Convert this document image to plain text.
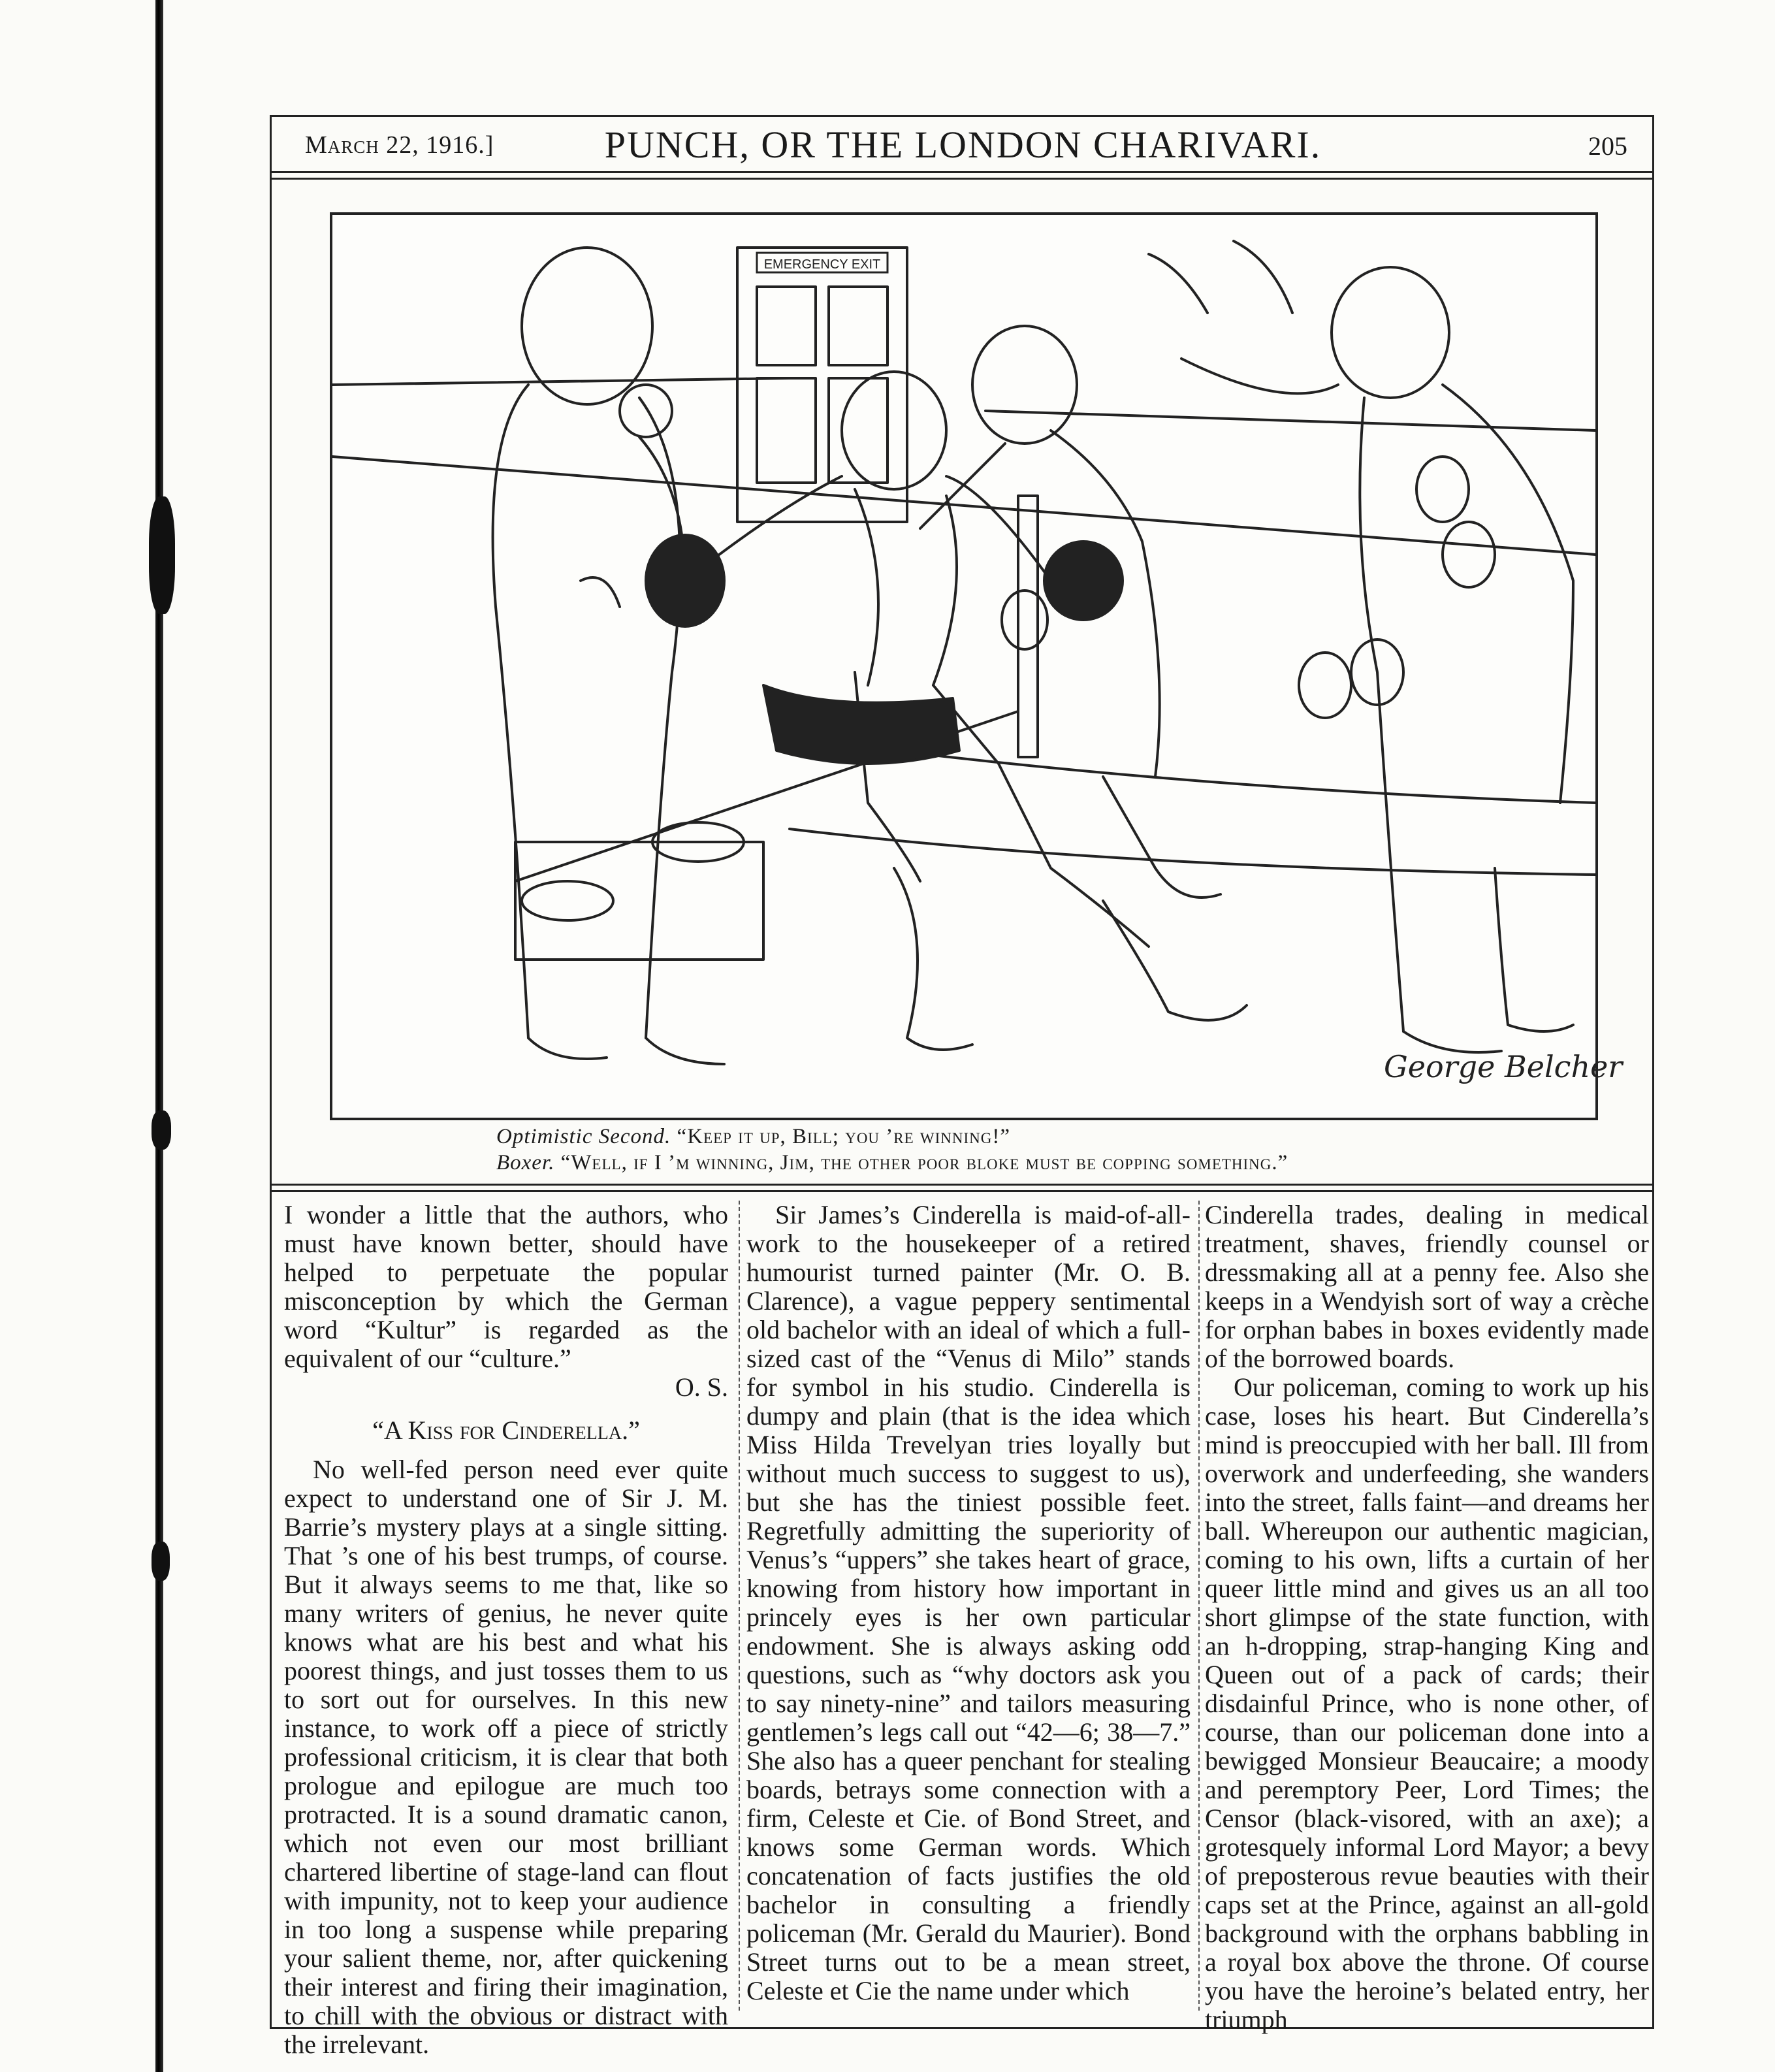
March 22, 1916.]	PUNCH, OR THE LONDON CHARIVARI.	205
EMERGENCY EXIT
George Belcher
Optimistic Second. “Keep it up, Bill; you ’re winning!”
Boxer. “Well, if I ’m winning, Jim, the other poor bloke must be copping something.”

I wonder a little that the authors, who must have known better, should have helped to perpetuate the popular misconception by which the German word “Kultur” is regarded as the equivalent of our “culture.”

O. S.

“A Kiss for Cinderella.”

No well-fed person need ever quite expect to understand one of Sir J. M. Barrie’s mystery plays at a single sitting. That ’s one of his best trumps, of course. But it always seems to me that, like so many writers of genius, he never quite knows what are his best and what his poorest things, and just tosses them to us to sort out for ourselves. In this new instance, to work off a piece of strictly professional criticism, it is clear that both prologue and epilogue are much too protracted. It is a sound dramatic canon, which not even our most brilliant chartered libertine of stage-land can flout with impunity, not to keep your audience in too long a suspense while preparing your salient theme, nor, after quickening their interest and firing their imagination, to chill with the obvious or distract with the irrelevant.

Sir James’s Cinderella is maid-of-all-work to the housekeeper of a retired humourist turned painter (Mr. O. B. Clarence), a vague peppery sentimental old bachelor with an ideal of which a full-sized cast of the “Venus di Milo” stands for symbol in his studio. Cinderella is dumpy and plain (that is the idea which Miss Hilda Trevelyan tries loyally but without much success to suggest to us), but she has the tiniest possible feet. Regretfully admitting the superiority of Venus’s “uppers” she takes heart of grace, knowing from history how important in princely eyes is her own particular endowment. She is always asking odd questions, such as “why doctors ask you to say ninety-nine” and tailors measuring gentlemen’s legs call out “42—6; 38—7.” She also has a queer penchant for stealing boards, betrays some connection with a firm, Celeste et Cie. of Bond Street, and knows some German words. Which concatenation of facts justifies the old bachelor in consulting a friendly policeman (Mr. Gerald du Maurier). Bond Street turns out to be a mean street, Celeste et Cie the name under which

Cinderella trades, dealing in medical treatment, shaves, friendly counsel or dressmaking all at a penny fee. Also she keeps in a Wendyish sort of way a crèche for orphan babes in boxes evidently made of the borrowed boards.

Our policeman, coming to work up his case, loses his heart. But Cinderella’s mind is preoccupied with her ball. Ill from overwork and underfeeding, she wanders into the street, falls faint—and dreams her ball. Whereupon our authentic magician, coming to his own, lifts a curtain of her queer little mind and gives us an all too short glimpse of the state function, with an h-dropping, strap-hanging King and Queen out of a pack of cards; their disdainful Prince, who is none other, of course, than our policeman done into a bewigged Monsieur Beaucaire; a moody and peremptory Peer, Lord Times; the Censor (black-visored, with an axe); a grotesquely informal Lord Mayor; a bevy of preposterous revue beauties with their caps set at the Prince, against an all-gold background with the orphans babbling in a royal box above the throne. Of course you have the heroine’s belated entry, her triumph
